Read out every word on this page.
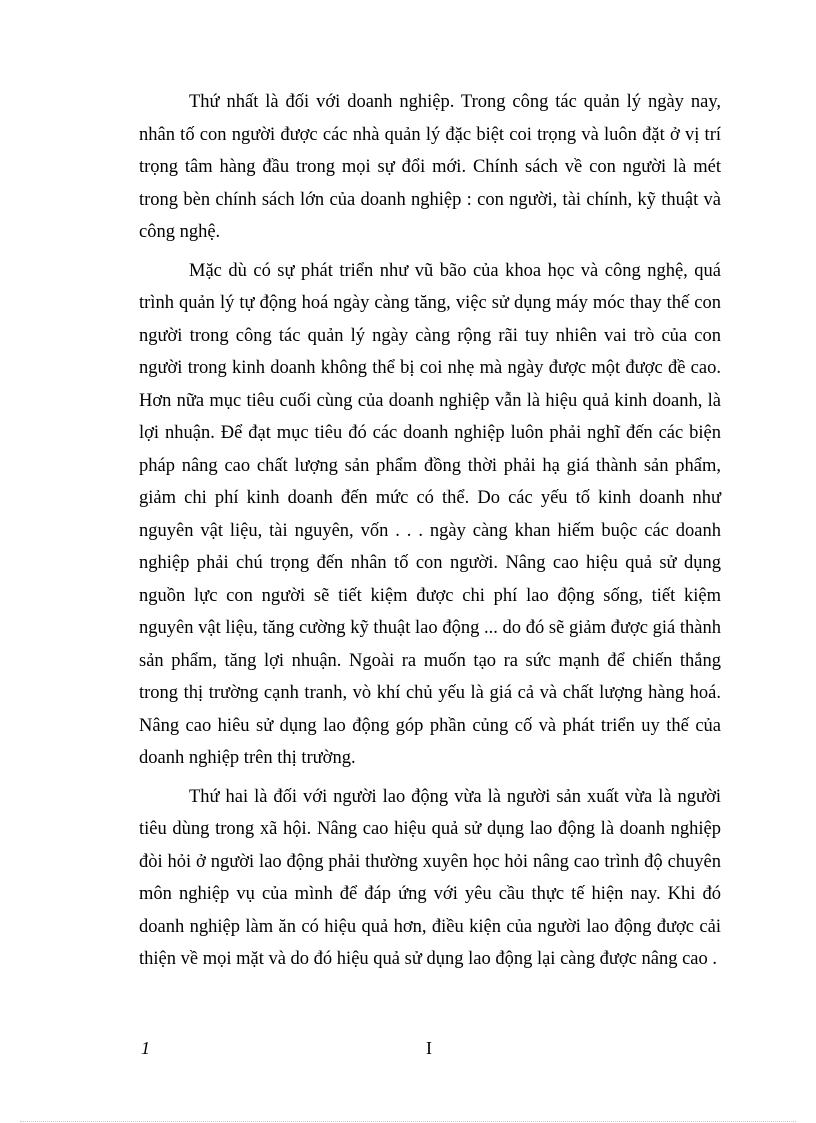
Thứ nhất là đối với doanh nghiệp. Trong công tác quản lý ngày nay, nhân tố con người được các nhà quản lý đặc biệt coi trọng và luôn đặt ở vị trí trọng tâm hàng đầu trong mọi sự đổi mới. Chính sách về con người là mét trong bèn chính sách lớn của doanh nghiệp : con người, tài chính, kỹ thuật và công nghệ.

Mặc dù có sự phát triển như vũ bão của khoa học và công nghệ, quá trình quản lý tự động hoá ngày càng tăng, việc sử dụng máy móc thay thế con người trong công tác quản lý ngày càng rộng rãi tuy nhiên vai trò của con người trong kinh doanh không thể bị coi nhẹ mà ngày được một được đề cao. Hơn nữa mục tiêu cuối cùng của doanh nghiệp vẫn là hiệu quả kinh doanh, là lợi nhuận. Để đạt mục tiêu đó các doanh nghiệp luôn phải nghĩ đến các biện pháp nâng cao chất lượng sản phẩm đồng thời phải hạ giá thành sản phẩm, giảm chi phí kinh doanh đến mức có thể. Do các yếu tố kinh doanh như nguyên vật liệu, tài nguyên, vốn . . . ngày càng khan hiếm buộc các doanh nghiệp phải chú trọng đến nhân tố con người. Nâng cao hiệu quả sử dụng nguồn lực con người sẽ tiết kiệm được chi phí lao động sống, tiết kiệm nguyên vật liệu, tăng cường kỹ thuật lao động ... do đó sẽ giảm được giá thành sản phẩm, tăng lợi nhuận. Ngoài ra muốn tạo ra sức mạnh để chiến thắng trong thị trường cạnh tranh, vò khí chủ yếu là giá cả và chất lượng hàng hoá. Nâng cao hiêu sử dụng lao động góp phần củng cố và phát triển uy thế của doanh nghiệp trên thị trường.

Thứ hai là đối với người lao động vừa là người sản xuất vừa là người tiêu dùng trong xã hội. Nâng cao hiệu quả sử dụng lao động là doanh nghiệp đòi hỏi ở người lao động phải thường xuyên học hỏi nâng cao trình độ chuyên môn nghiệp vụ của mình để đáp ứng với yêu cầu thực tế hiện nay. Khi đó doanh nghiệp làm ăn có hiệu quả hơn, điều kiện của người lao động được cải thiện về mọi mặt và do đó hiệu quả sử dụng lao động lại càng được nâng cao .

1	I
